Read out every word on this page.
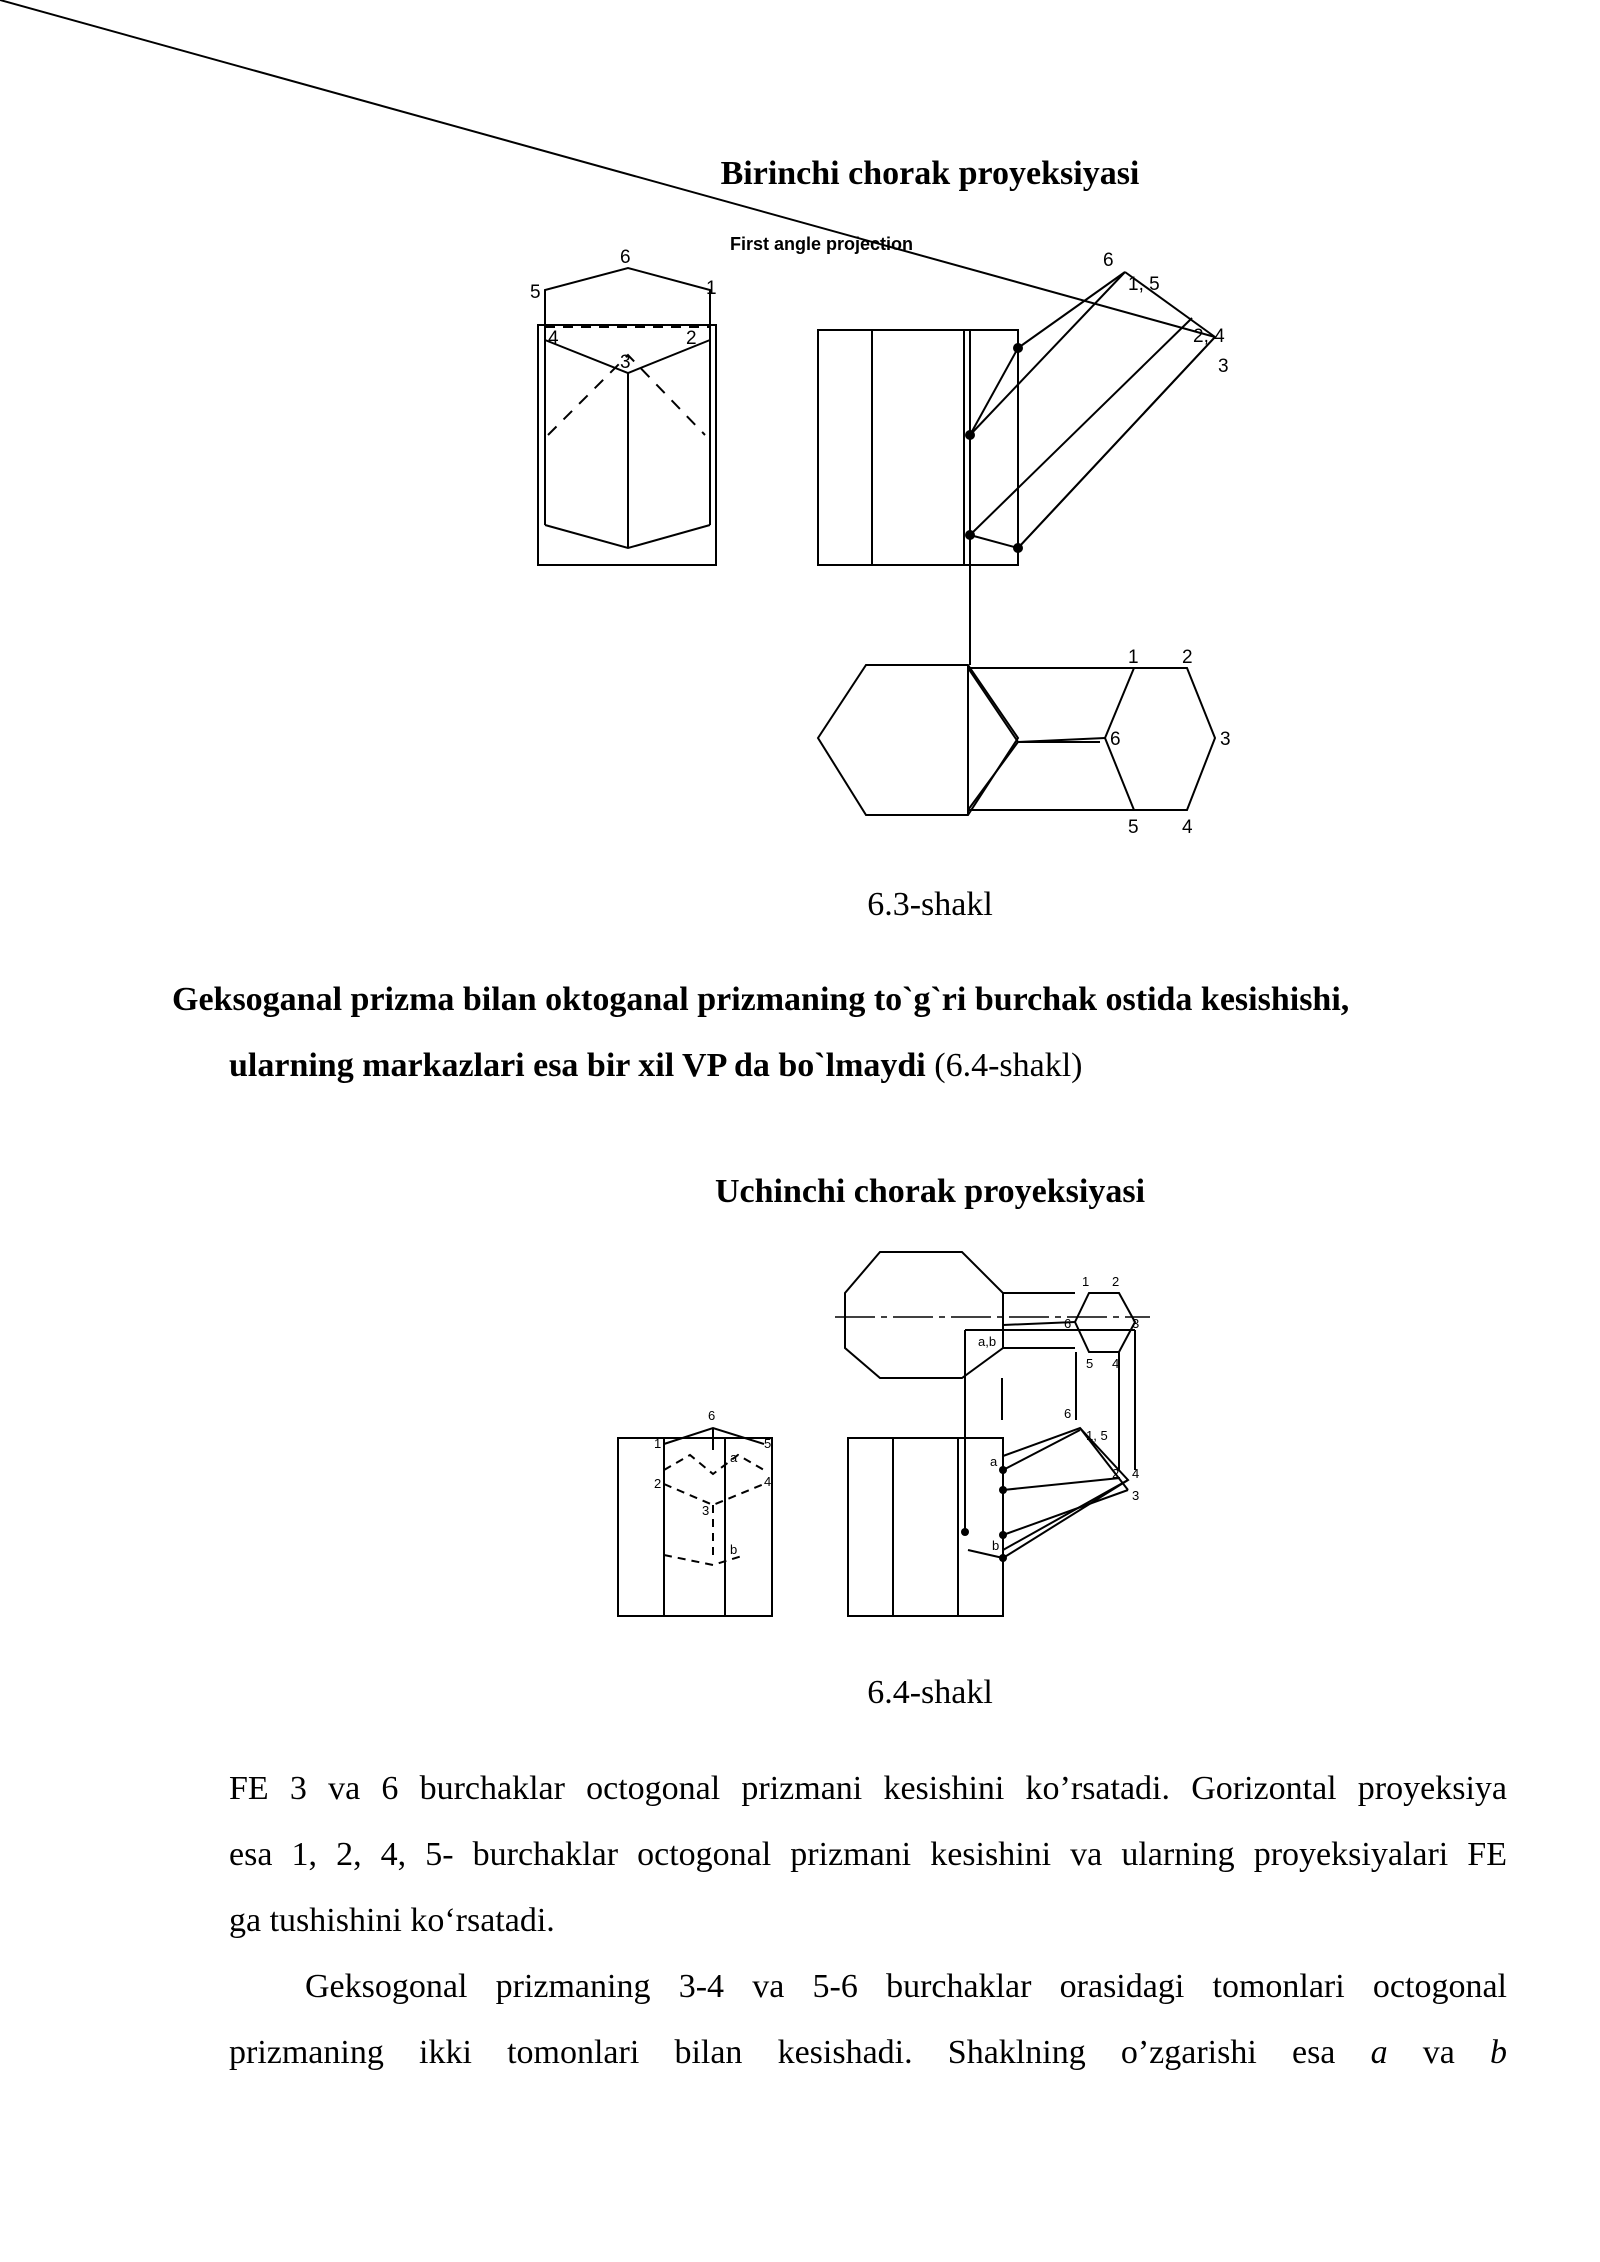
Birinchi chorak proyeksiyasi
First angle projection
6
5	1
4	2
3
6
1, 5
2, 4
3
1 2
6	3
5 4
6.3-shakl
Geksoganal prizma bilan oktoganal prizmaning to`g`ri burchak ostida kesishishi,
ularning markazlari esa bir xil VP da bo`lmaydi (6.4-shakl)
Uchinchi chorak proyeksiyasi
1 2
6	3
a,b
5 4
6
1, 5
2 4
3
a
b
6
1	5
2
a
4
3
b
6.4-shakl
FE 3 va 6 burchaklar octogonal prizmani kesishini ko’rsatadi. Gorizontal proyeksiya
esa 1, 2, 4, 5- burchaklar octogonal prizmani kesishini va ularning proyeksiyalari FE
ga tushishini ko‘rsatadi.
Geksogonal prizmaning 3-4 va 5-6 burchaklar orasidagi tomonlari octogonal
prizmaning ikki tomonlari bilan kesishadi. Shaklning o’zgarishi esa a va b
